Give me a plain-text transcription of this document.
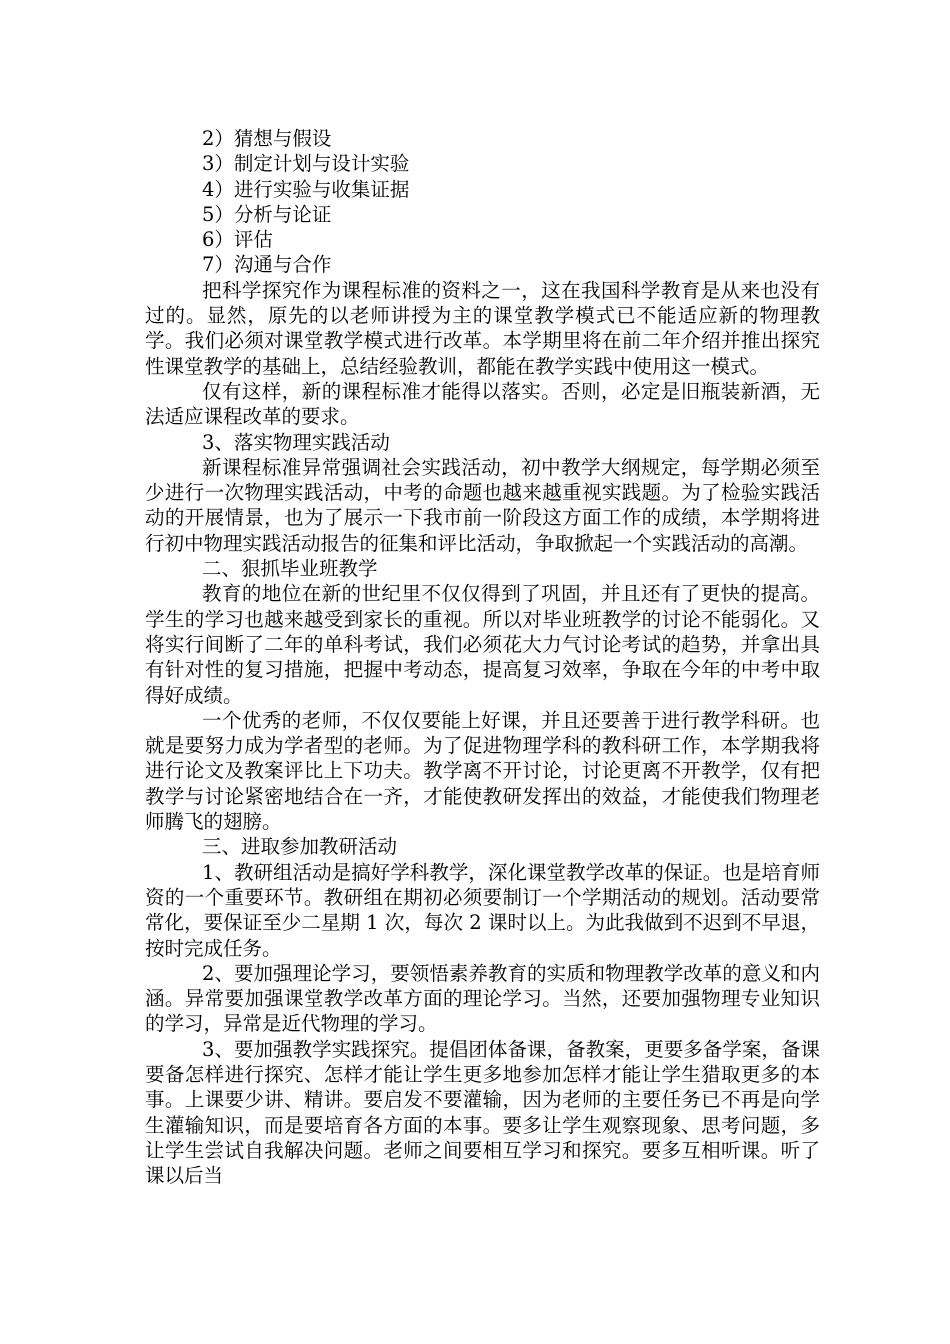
2）猜想与假设
3）制定计划与设计实验
4）进行实验与收集证据
5）分析与论证
6）评估
7）沟通与合作

把科学探究作为课程标准的资料之一，这在我国科学教育是从来也没有过的。显然，原先的以老师讲授为主的课堂教学模式已不能适应新的物理教学。我们必须对课堂教学模式进行改革。本学期里将在前二年介绍并推出探究性课堂教学的基础上，总结经验教训，都能在教学实践中使用这一模式。

仅有这样，新的课程标准才能得以落实。否则，必定是旧瓶装新酒，无法适应课程改革的要求。

3、落实物理实践活动

新课程标准异常强调社会实践活动，初中教学大纲规定，每学期必须至少进行一次物理实践活动，中考的命题也越来越重视实践题。为了检验实践活动的开展情景，也为了展示一下我市前一阶段这方面工作的成绩，本学期将进行初中物理实践活动报告的征集和评比活动，争取掀起一个实践活动的高潮。

二、狠抓毕业班教学

教育的地位在新的世纪里不仅仅得到了巩固，并且还有了更快的提高。学生的学习也越来越受到家长的重视。所以对毕业班教学的讨论不能弱化。又将实行间断了二年的单科考试，我们必须花大力气讨论考试的趋势，并拿出具有针对性的复习措施，把握中考动态，提高复习效率，争取在今年的中考中取得好成绩。

一个优秀的老师，不仅仅要能上好课，并且还要善于进行教学科研。也就是要努力成为学者型的老师。为了促进物理学科的教科研工作，本学期我将进行论文及教案评比上下功夫。教学离不开讨论，讨论更离不开教学，仅有把教学与讨论紧密地结合在一齐，才能使教研发挥出的效益，才能使我们物理老师腾飞的翅膀。

三、进取参加教研活动

1、教研组活动是搞好学科教学，深化课堂教学改革的保证。也是培育师资的一个重要环节。教研组在期初必须要制订一个学期活动的规划。活动要常常化，要保证至少二星期 1 次，每次 2 课时以上。为此我做到不迟到不早退，按时完成任务。

2、要加强理论学习，要领悟素养教育的实质和物理教学改革的意义和内涵。异常要加强课堂教学改革方面的理论学习。当然，还要加强物理专业知识的学习，异常是近代物理的学习。

3、要加强教学实践探究。提倡团体备课，备教案，更要多备学案，备课要备怎样进行探究、怎样才能让学生更多地参加怎样才能让学生猎取更多的本事。上课要少讲、精讲。要启发不要灌输，因为老师的主要任务已不再是向学生灌输知识，而是要培育各方面的本事。要多让学生观察现象、思考问题，多让学生尝试自我解决问题。老师之间要相互学习和探究。要多互相听课。听了课以后当
